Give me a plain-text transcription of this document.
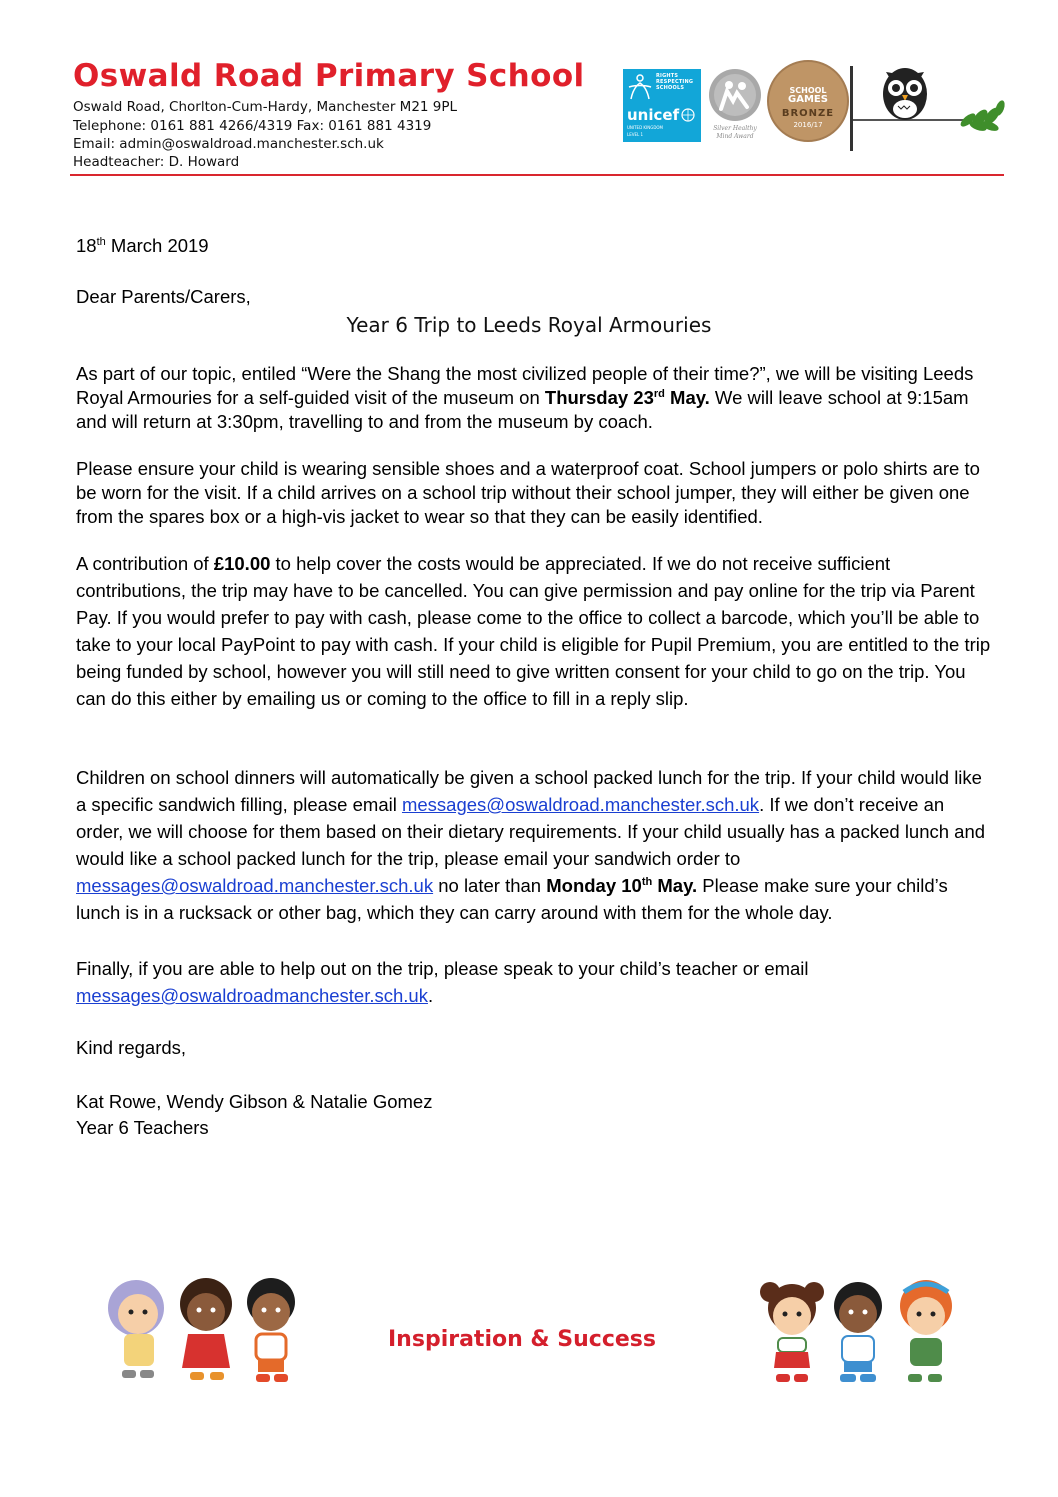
Oswald Road Primary School
Oswald Road, Chorlton-Cum-Hardy, Manchester M21 9PL
Telephone: 0161 881 4266/4319 Fax: 0161 881 4319
Email: admin@oswaldroad.manchester.sch.uk
Headteacher: D. Howard
RIGHTS
RESPECTING
SCHOOLS
unicef
UNITED KINGDOM
LEVEL 1
Silver Healthy Mind Award
SCHOOL
GAMES
BRONZE
2016/17
18th March 2019
Dear Parents/Carers,
Year 6 Trip to Leeds Royal Armouries

As part of our topic, entiled “Were the Shang the most civilized people of their time?”, we will be visiting Leeds Royal Armouries for a self-guided visit of the museum on Thursday 23rd May. We will leave school at 9:15am and will return at 3:30pm, travelling to and from the museum by coach.

Please ensure your child is wearing sensible shoes and a waterproof coat. School jumpers or polo shirts are to be worn for the visit. If a child arrives on a school trip without their school jumper, they will either be given one from the spares box or a high-vis jacket to wear so that they can be easily identified.

A contribution of £10.00 to help cover the costs would be appreciated. If we do not receive sufficient contributions, the trip may have to be cancelled. You can give permission and pay online for the trip via Parent Pay. If you would prefer to pay with cash, please come to the office to collect a barcode, which you’ll be able to take to your local PayPoint to pay with cash. If your child is eligible for Pupil Premium, you are entitled to the trip being funded by school, however you will still need to give written consent for your child to go on the trip. You can do this either by emailing us or coming to the office to fill in a reply slip.

Children on school dinners will automatically be given a school packed lunch for the trip. If your child would like a specific sandwich filling, please email messages@oswaldroad.manchester.sch.uk. If we don’t receive an order, we will choose for them based on their dietary requirements. If your child usually has a packed lunch and would like a school packed lunch for the trip, please email your sandwich order to messages@oswaldroad.manchester.sch.uk no later than Monday 10th May. Please make sure your child’s lunch is in a rucksack or other bag, which they can carry around with them for the whole day.

Finally, if you are able to help out on the trip, please speak to your child’s teacher or email messages@oswaldroadmanchester.sch.uk.

Kind regards,
Kat Rowe, Wendy Gibson & Natalie Gomez
Year 6 Teachers
Inspiration & Success
